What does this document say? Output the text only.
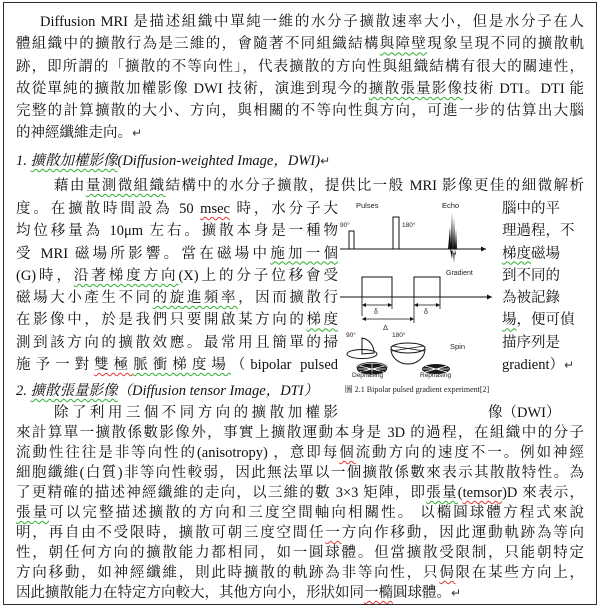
Diffusion MRI 是描述組織中單純一維的水分子擴散速率大小，但是水分子在人
體組織中的擴散行為是三維的，會隨著不同組織結構與障壁現象呈現不同的擴散軌
跡，即所謂的「擴散的不等向性」，代表擴散的方向性與組織結構有很大的關連性，
故從單純的擴散加權影像 DWI 技術，演進到現今的擴散張量影像技術 DTI。DTI 能
完整的計算擴散的大小、方向，與相關的不等向性與方向，可進一步的估算出大腦
的神經纖維走向。↵
1. 擴散加權影像(Diffusion-weighted Image，DWI)↵
藉由量測微組織結構中的水分子擴散，提供比一般 MRI 影像更佳的細微解析
度。在擴散時間設為 50 msec 時，水分子大	腦中的平
均位移量為 10μm 左右。擴散本身是一種物	理過程，不
受 MRI 磁場所影響。當在磁場中施加一個	梯度磁場
(G)時，沿著梯度方向(X)上的分子位移會受	到不同的
磁場大小產生不同的旋進頻率，因而擴散行	為被記錄
在影像中，於是我們只要開啟某方向的梯度	場，便可偵
測到該方向的擴散效應。最常用且簡單的掃	描序列是
施予一對雙極脈衝梯度場（bipolar pulsed	gradient）↵
Pulses	Echo
90°	180°
Gradient
δ	δ
Δ
90°	180°
Spin
Dephasing	Rephasing
圖 2.1 Bipolar pulsed gradient experiment[2]
2. 擴散張量影像（Diffusion tensor Image，DTI）
除了利用三個不同方向的擴散加權影	像（DWI）
來計算單一擴散係數影像外，事實上擴散運動本身是 3D 的過程，在組織中的分子
流動性往往是非等向性的(anisotropy) ，意即每個流動方向的速度不一。例如神經
細胞纖維(白質)非等向性較弱，因此無法單以一個擴散係數來表示其散散特性。為
了更精確的描述神經纖維的走向，以三維的數 3×3 矩陣，即張量(temsor)D 來表示，
張量可以完整描述擴散的方向和三度空間軸向相關性。 以橢圓球體方程式來說
明，再自由不受限時，擴散可朝三度空間任一方向作移動，因此運動軌跡為等向
性，朝任何方向的擴散能力都相同，如一圓球體。但當擴散受限制，只能朝特定
方向移動，如神經纖維，則此時擴散的軌跡為非等向性，只侷限在某些方向上，
因此擴散能力在特定方向較大，其他方向小，形狀如同一橢圓球體。↵
